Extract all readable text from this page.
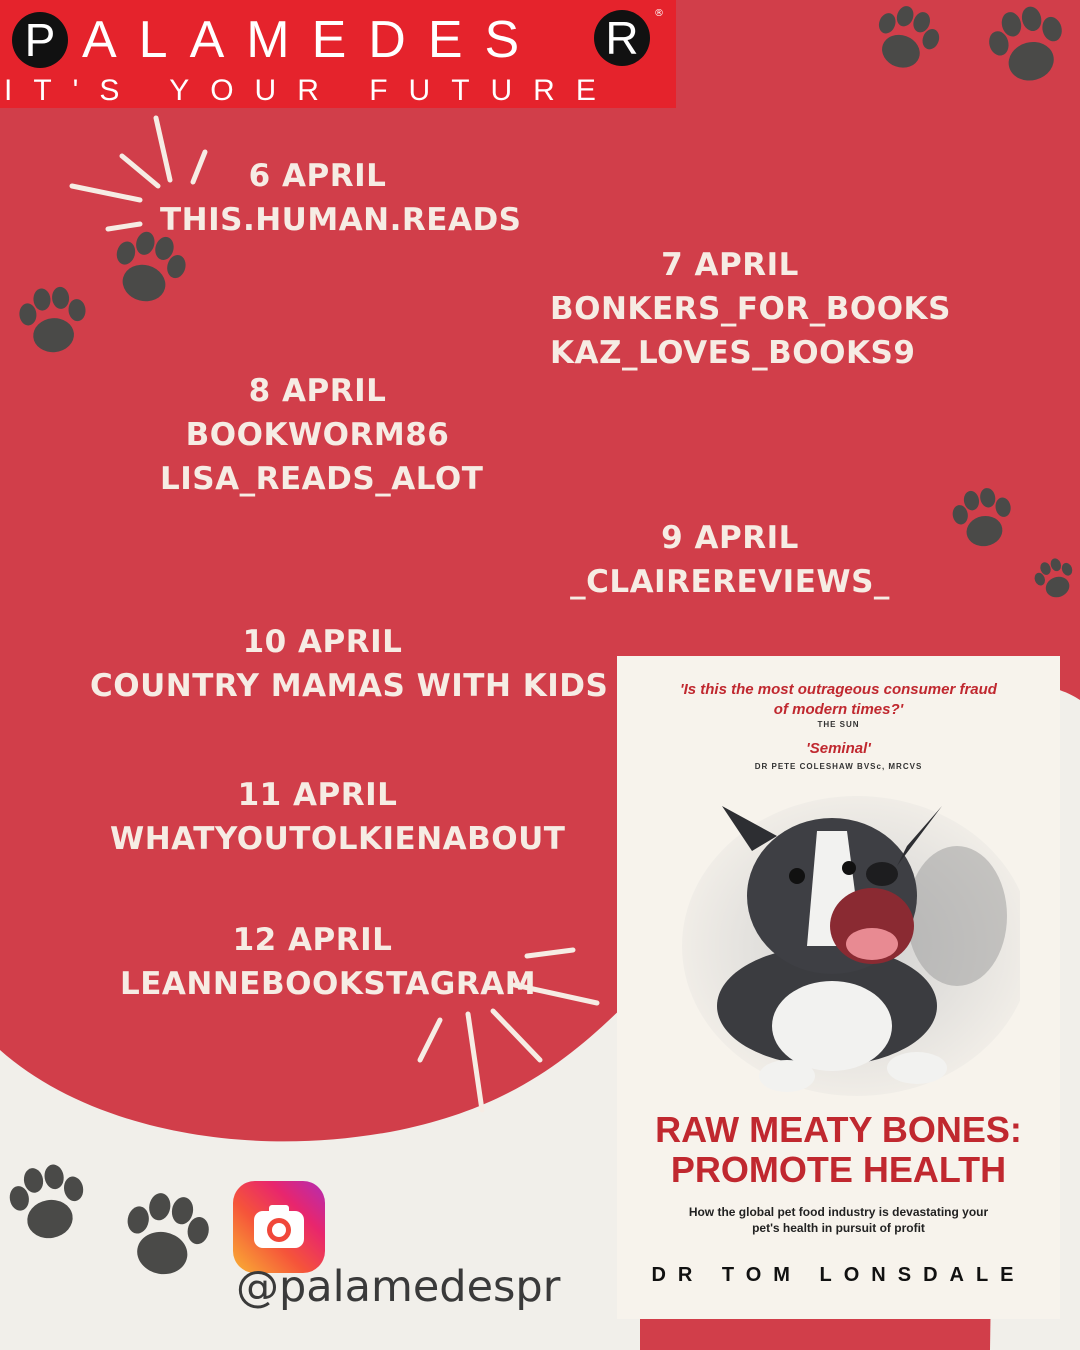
P ALAMEDES R	®
IT'S YOUR FUTURE
6 APRIL
THIS.HUMAN.READS
7 APRIL
BONKERS_FOR_BOOKS
KAZ_LOVES_BOOKS9
8 APRIL
BOOKWORM86
LISA_READS_ALOT
9 APRIL
_CLAIREREVIEWS_
10 APRIL
COUNTRY MAMAS WITH KIDS
11 APRIL
WHATYOUTOLKIENABOUT
12 APRIL
LEANNEBOOKSTAGRAM
'Is this the most outrageous consumer fraud of modern times?'
THE SUN
'Seminal'
DR PETE COLESHAW BVSc, MRCVS
RAW MEATY BONES:
PROMOTE HEALTH
How the global pet food industry is devastating your pet's health in pursuit of profit
DR TOM LONSDALE
@palamedespr
